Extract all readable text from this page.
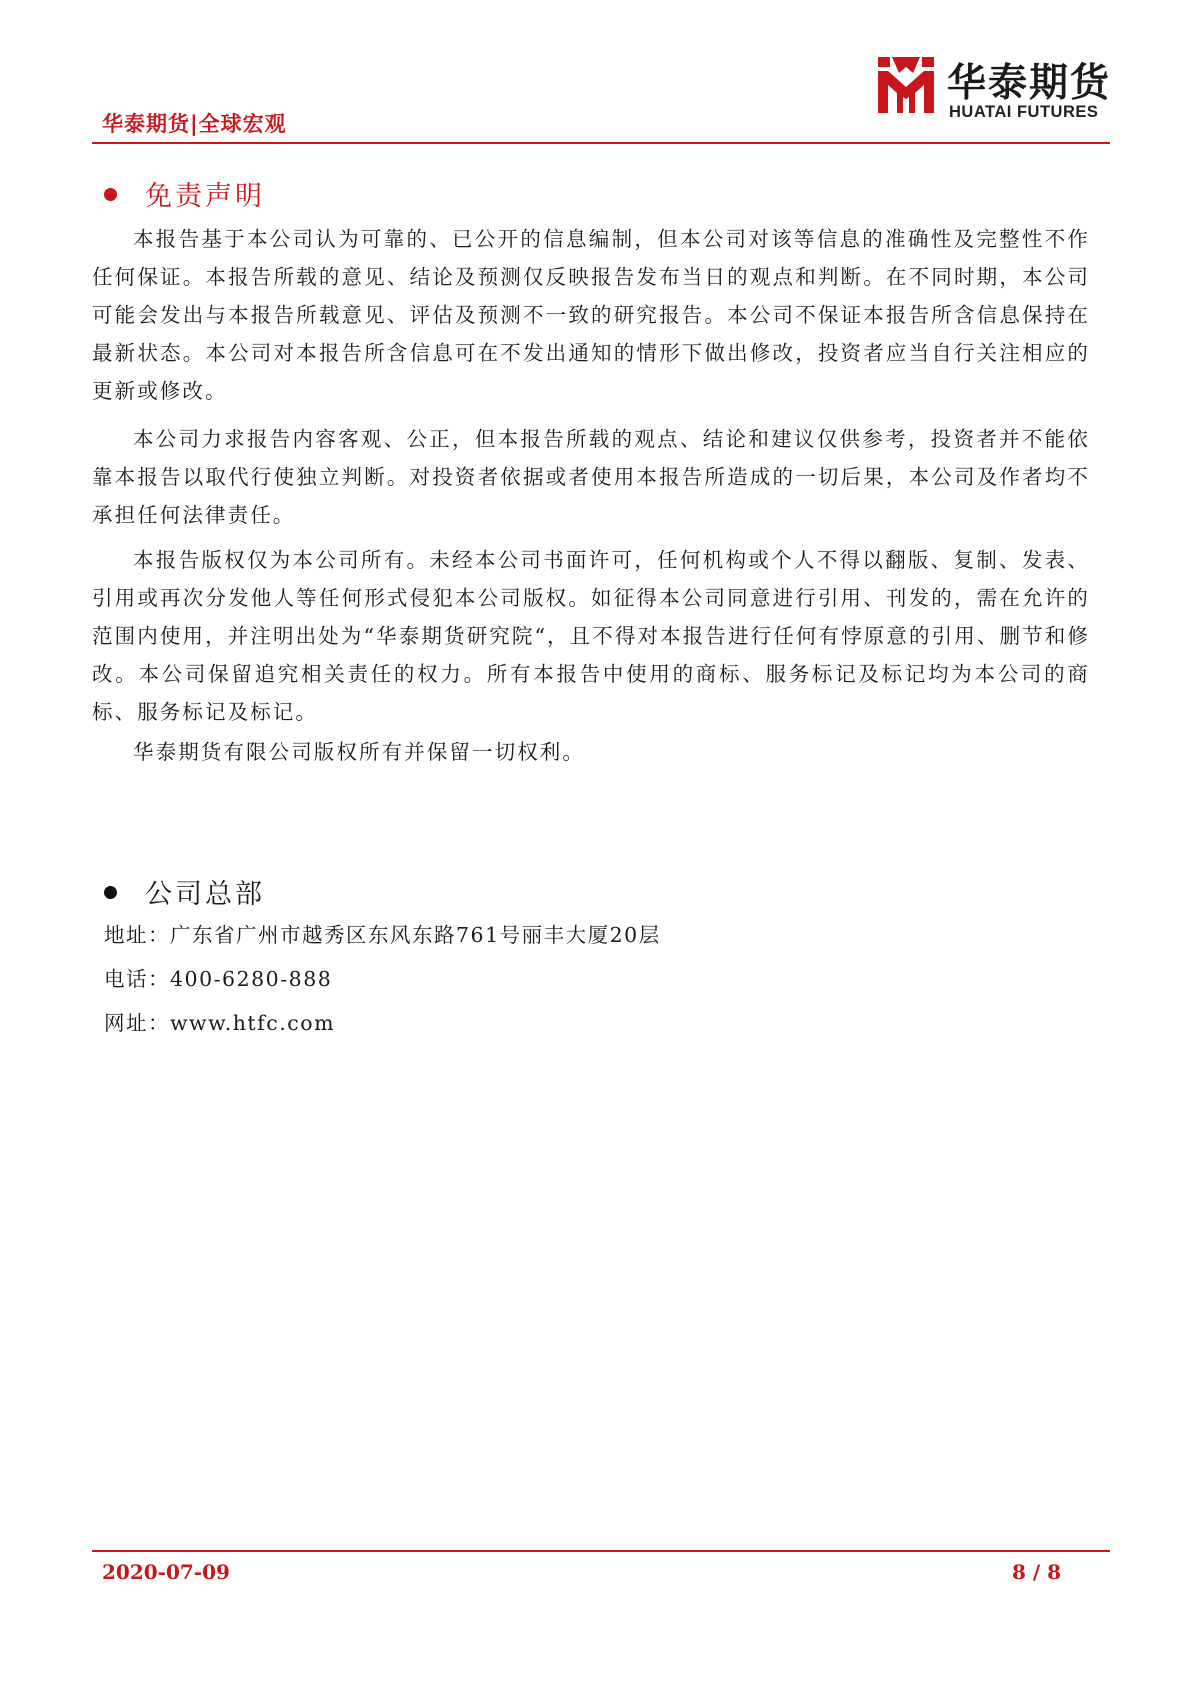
华泰期货|全球宏观
华泰期货
HUATAI FUTURES
免责声明

本报告基于本公司认为可靠的、已公开的信息编制，但本公司对该等信息的准确性及完整性不作任何保证。本报告所载的意见、结论及预测仅反映报告发布当日的观点和判断。在不同时期，本公司可能会发出与本报告所载意见、评估及预测不一致的研究报告。本公司不保证本报告所含信息保持在最新状态。本公司对本报告所含信息可在不发出通知的情形下做出修改，投资者应当自行关注相应的更新或修改。

本公司力求报告内容客观、公正，但本报告所载的观点、结论和建议仅供参考，投资者并不能依靠本报告以取代行使独立判断。对投资者依据或者使用本报告所造成的一切后果，本公司及作者均不承担任何法律责任。

本报告版权仅为本公司所有。未经本公司书面许可，任何机构或个人不得以翻版、复制、发表、引用或再次分发他人等任何形式侵犯本公司版权。如征得本公司同意进行引用、刊发的，需在允许的范围内使用，并注明出处为“华泰期货研究院“，且不得对本报告进行任何有悖原意的引用、删节和修改。本公司保留追究相关责任的权力。所有本报告中使用的商标、服务标记及标记均为本公司的商标、服务标记及标记。

华泰期货有限公司版权所有并保留一切权利。

公司总部
地址：广东省广州市越秀区东风东路761号丽丰大厦20层
电话：400-6280-888
网址：www.htfc.com
2020-07-09	8 / 8
